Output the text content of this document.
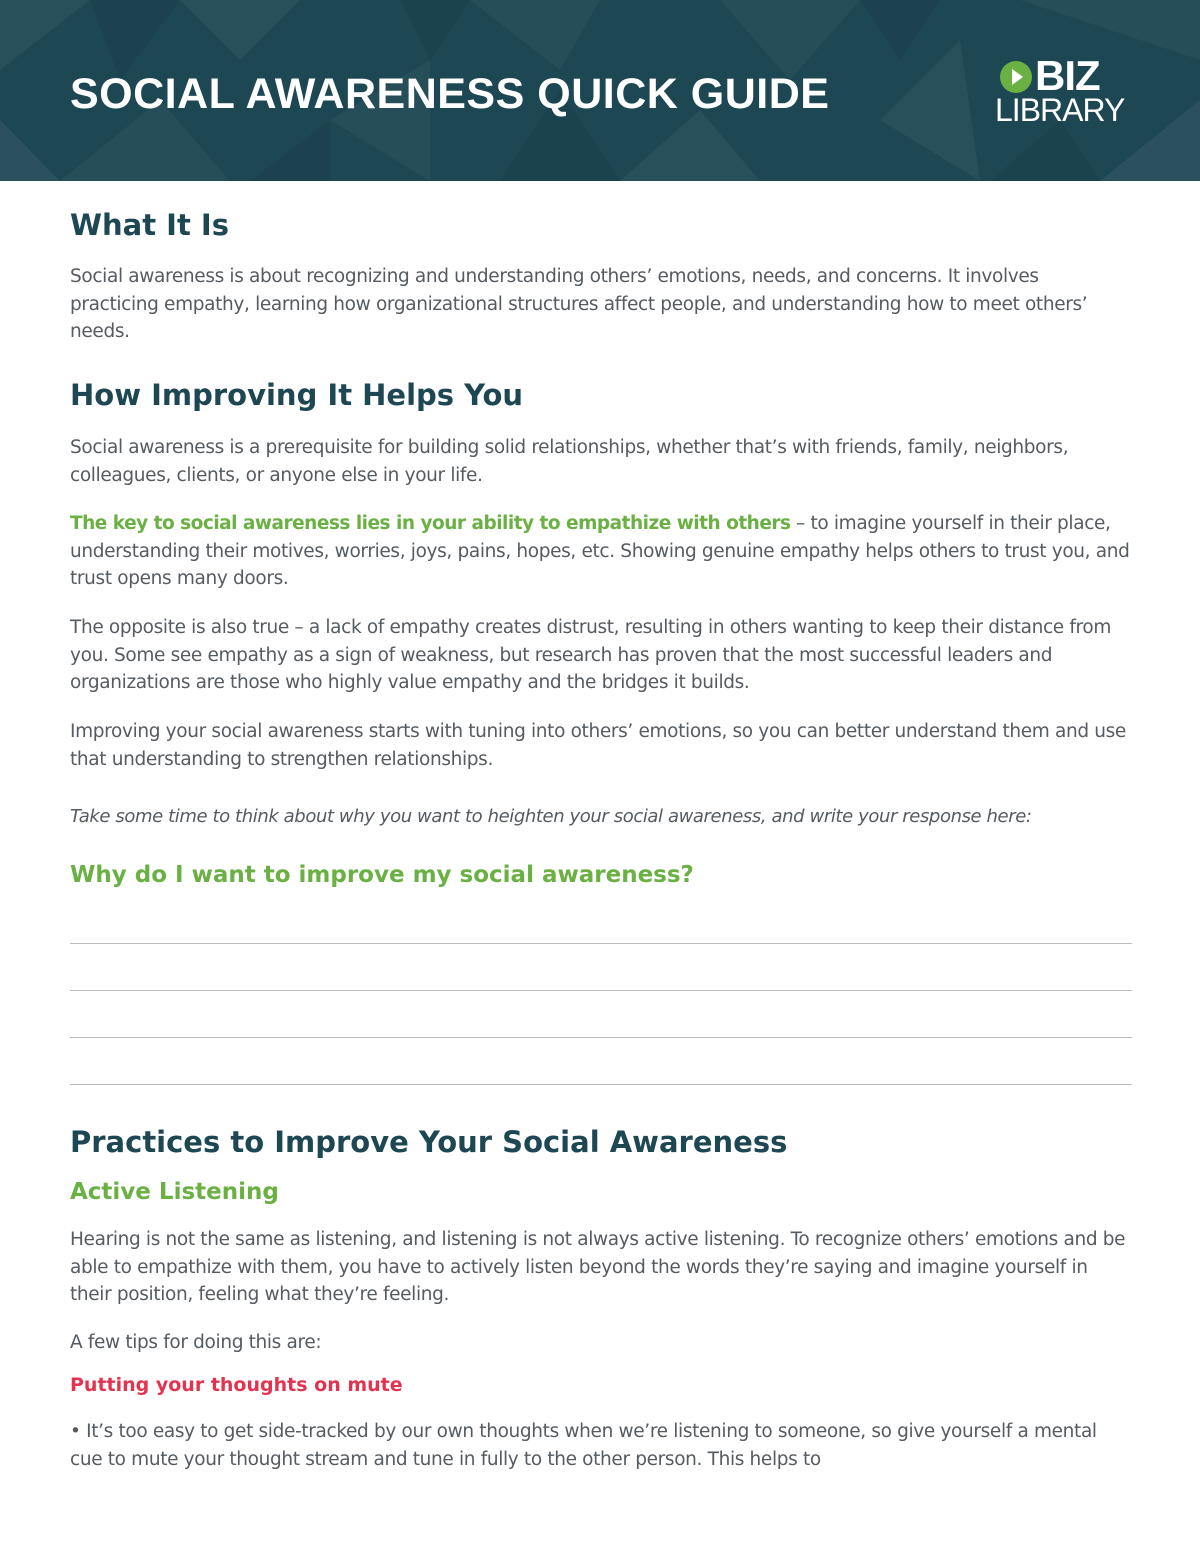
SOCIAL AWARENESS QUICK GUIDE	BIZ
LIBRARY
What It Is

Social awareness is about recognizing and understanding others’ emotions, needs, and concerns. It involves practicing empathy, learning how organizational structures affect people, and understanding how to meet others’ needs.

How Improving It Helps You

Social awareness is a prerequisite for building solid relationships, whether that’s with friends, family, neighbors, colleagues, clients, or anyone else in your life.

The key to social awareness lies in your ability to empathize with others – to imagine yourself in their place, understanding their motives, worries, joys, pains, hopes, etc. Showing genuine empathy helps others to trust you, and trust opens many doors.

The opposite is also true – a lack of empathy creates distrust, resulting in others wanting to keep their distance from you. Some see empathy as a sign of weakness, but research has proven that the most successful leaders and organizations are those who highly value empathy and the bridges it builds.

Improving your social awareness starts with tuning into others’ emotions, so you can better understand them and use that understanding to strengthen relationships.

Take some time to think about why you want to heighten your social awareness, and write your response here:

Why do I want to improve my social awareness?
Practices to Improve Your Social Awareness
Active Listening

Hearing is not the same as listening, and listening is not always active listening. To recognize others’ emotions and be able to empathize with them, you have to actively listen beyond the words they’re saying and imagine yourself in their position, feeling what they’re feeling.

A few tips for doing this are:

Putting your thoughts on mute

• It’s too easy to get side-tracked by our own thoughts when we’re listening to someone, so give yourself a mental cue to mute your thought stream and tune in fully to the other person. This helps to
